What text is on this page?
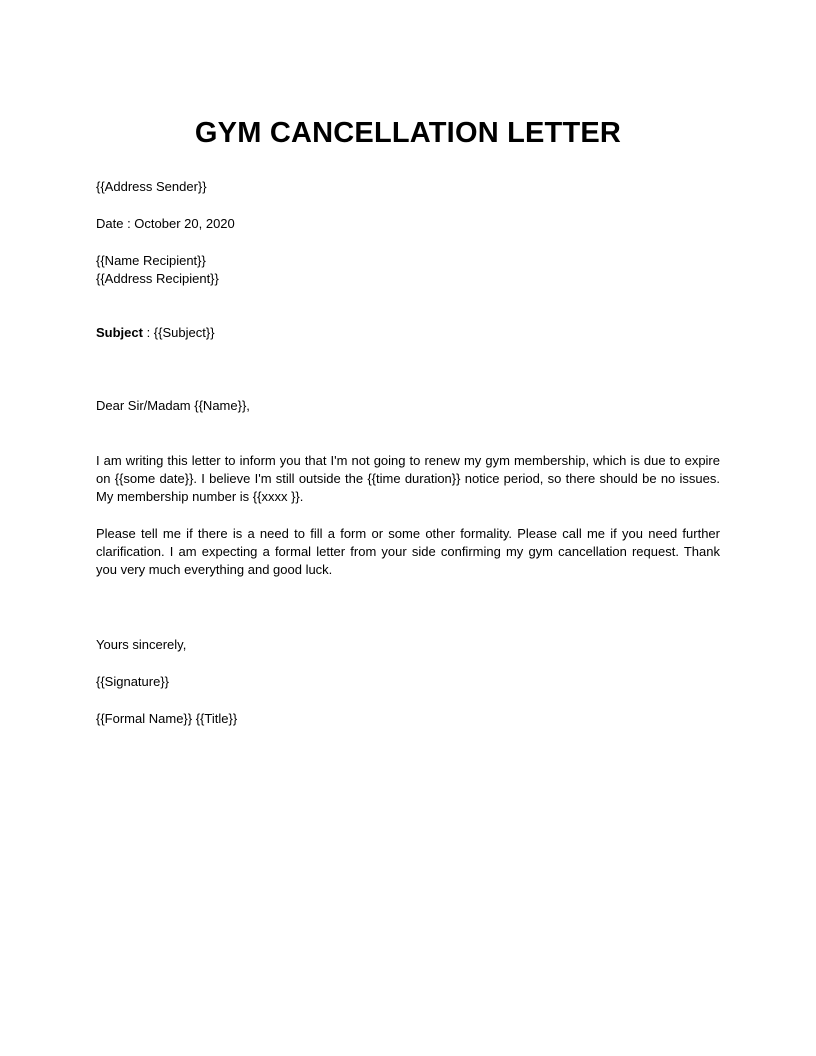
GYM CANCELLATION LETTER
{{Address Sender}}
Date : October 20, 2020
{{Name Recipient}}
{{Address Recipient}}
Subject : {{Subject}}
Dear Sir/Madam {{Name}},

I am writing this letter to inform you that I'm not going to renew my gym membership, which is due to expire on {{some date}}. I believe I'm still outside the {{time duration}} notice period, so there should be no issues. My membership number is {{xxxx }}.

Please tell me if there is a need to fill a form or some other formality. Please call me if you need further clarification. I am expecting a formal letter from your side confirming my gym cancellation request. Thank you very much everything and good luck.

Yours sincerely,
{{Signature}}
{{Formal Name}} {{Title}}
